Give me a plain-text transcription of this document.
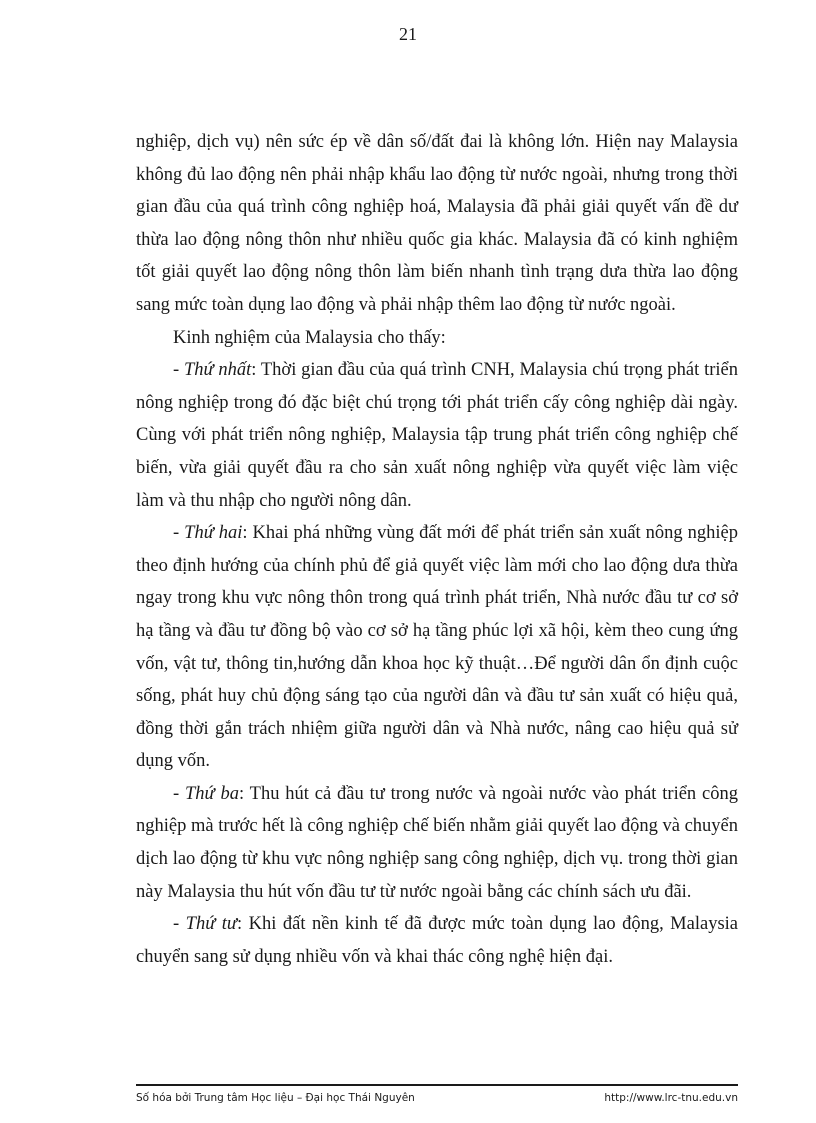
21

nghiệp, dịch vụ) nên sức ép về dân số/đất đai là không lớn. Hiện nay Malaysia không đủ lao động nên phải nhập khẩu lao động từ nước ngoài, nhưng trong thời gian đầu của quá trình công nghiệp hoá, Malaysia đã phải giải quyết vấn đề dư thừa lao động nông thôn như nhiều quốc gia khác. Malaysia đã có kinh nghiệm tốt giải quyết lao động nông thôn làm biến nhanh tình trạng dưa thừa lao động sang mức toàn dụng lao động và phải nhập thêm lao động từ nước ngoài.

Kinh nghiệm của Malaysia cho thấy:

- Thứ nhất: Thời gian đầu của quá trình CNH, Malaysia chú trọng phát triển nông nghiệp trong đó đặc biệt chú trọng tới phát triển cấy công nghiệp dài ngày. Cùng với phát triển nông nghiệp, Malaysia tập trung phát triển công nghiệp chế biến, vừa giải quyết đầu ra cho sản xuất nông nghiệp vừa quyết việc làm việc làm và thu nhập cho người nông dân.

- Thứ hai: Khai phá những vùng đất mới để phát triển sản xuất nông nghiệp theo định hướng của chính phủ để giả quyết việc làm mới cho lao động dưa thừa ngay trong khu vực nông thôn trong quá trình phát triển, Nhà nước đầu tư cơ sở hạ tầng và đầu tư đồng bộ vào cơ sở hạ tầng phúc lợi xã hội, kèm theo cung ứng vốn, vật tư, thông tin,hướng dẫn khoa học kỹ thuật…Để người dân ổn định cuộc sống, phát huy chủ động sáng tạo của người dân và đầu tư sản xuất có hiệu quả, đồng thời gắn trách nhiệm giữa người dân và Nhà nước, nâng cao hiệu quả sử dụng vốn.

- Thứ ba: Thu hút cả đầu tư trong nước và ngoài nước vào phát triển công nghiệp mà trước hết là công nghiệp chế biến nhằm giải quyết lao động và chuyển dịch lao động từ khu vực nông nghiệp sang công nghiệp, dịch vụ. trong thời gian này Malaysia thu hút vốn đầu tư từ nước ngoài bằng các chính sách ưu đãi.

- Thứ tư: Khi đất nền kinh tế đã được mức toàn dụng lao động, Malaysia chuyển sang sử dụng nhiều vốn và khai thác công nghệ hiện đại.

Số hóa bởi Trung tâm Học liệu – Đại học Thái Nguyên	http://www.lrc-tnu.edu.vn
